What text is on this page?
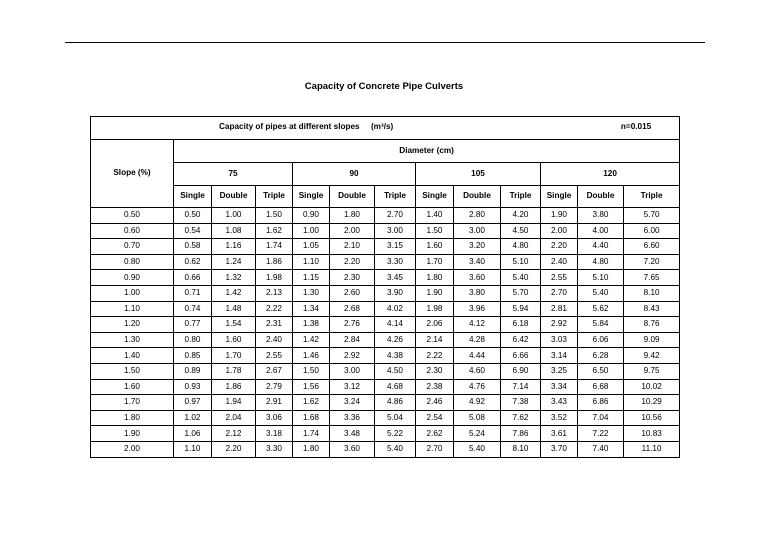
Capacity of Concrete Pipe Culverts
Capacity of pipes at different slopes     (m³/s) n=0.015												

Slope (%)	Diameter (cm)											
	75			90			105			120		
	Single	Double	Triple	Single	Double	Triple	Single	Double	Triple	Single	Double	Triple
0.50	0.50	1.00	1.50	0.90	1.80	2.70	1.40	2.80	4.20	1.90	3.80	5.70
0.60	0.54	1.08	1.62	1.00	2.00	3.00	1.50	3.00	4.50	2.00	4.00	6.00
0.70	0.58	1.16	1.74	1.05	2.10	3.15	1.60	3.20	4.80	2.20	4.40	6.60
0.80	0.62	1.24	1.86	1.10	2.20	3.30	1.70	3.40	5.10	2.40	4.80	7.20
0.90	0.66	1.32	1.98	1.15	2.30	3.45	1.80	3.60	5.40	2.55	5.10	7.65
1.00	0.71	1.42	2.13	1.30	2.60	3.90	1.90	3.80	5.70	2.70	5.40	8.10
1.10	0.74	1.48	2.22	1.34	2.68	4.02	1.98	3.96	5.94	2.81	5.62	8.43
1.20	0.77	1.54	2.31	1.38	2.76	4.14	2.06	4.12	6.18	2.92	5.84	8.76
1.30	0.80	1.60	2.40	1.42	2.84	4.26	2.14	4.28	6.42	3.03	6.06	9.09
1.40	0.85	1.70	2.55	1.46	2.92	4.38	2.22	4.44	6.66	3.14	6.28	9.42
1.50	0.89	1.78	2.67	1.50	3.00	4.50	2.30	4.60	6.90	3.25	6.50	9.75
1.60	0.93	1.86	2.79	1.56	3.12	4.68	2.38	4.76	7.14	3.34	6.68	10.02
1.70	0.97	1.94	2.91	1.62	3.24	4.86	2.46	4.92	7.38	3.43	6.86	10.29
1.80	1.02	2.04	3.06	1.68	3.36	5.04	2.54	5.08	7.62	3.52	7.04	10.56
1.90	1.06	2.12	3.18	1.74	3.48	5.22	2.62	5.24	7.86	3.61	7.22	10.83
2.00	1.10	2.20	3.30	1.80	3.60	5.40	2.70	5.40	8.10	3.70	7.40	11.10
